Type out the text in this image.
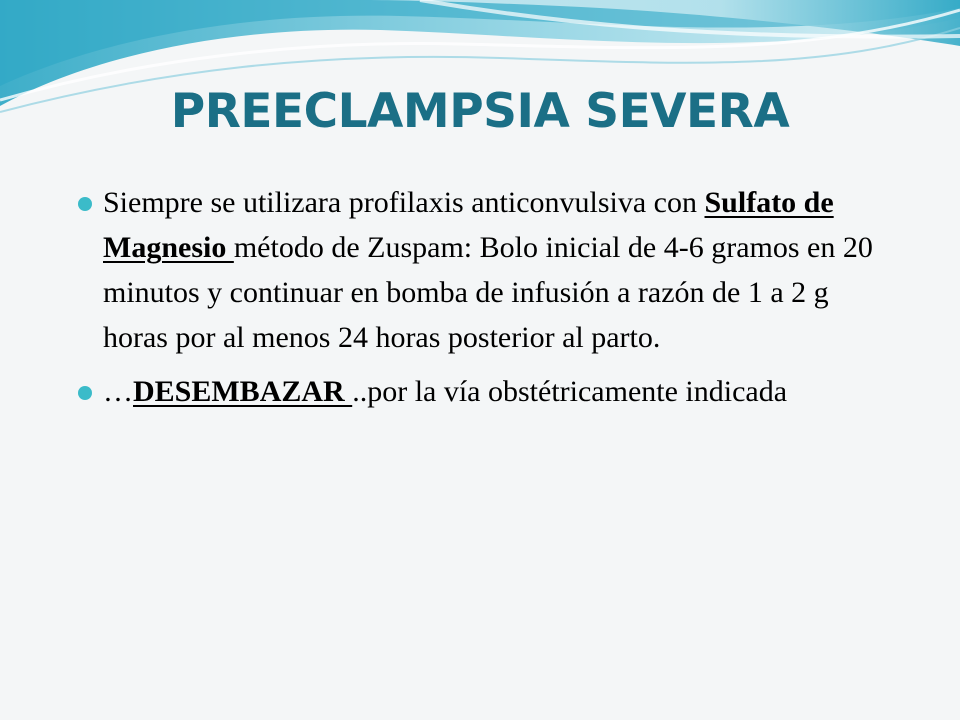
PREECLAMPSIA SEVERA
Siempre se utilizara profilaxis anticonvulsiva con Sulfato de Magnesio método de Zuspam: Bolo inicial de 4-6 gramos en 20 minutos y continuar en bomba de infusión a razón de 1 a 2 g horas por al menos 24 horas posterior al parto.
…DESEMBAZAR ..por la vía obstétricamente indicada
